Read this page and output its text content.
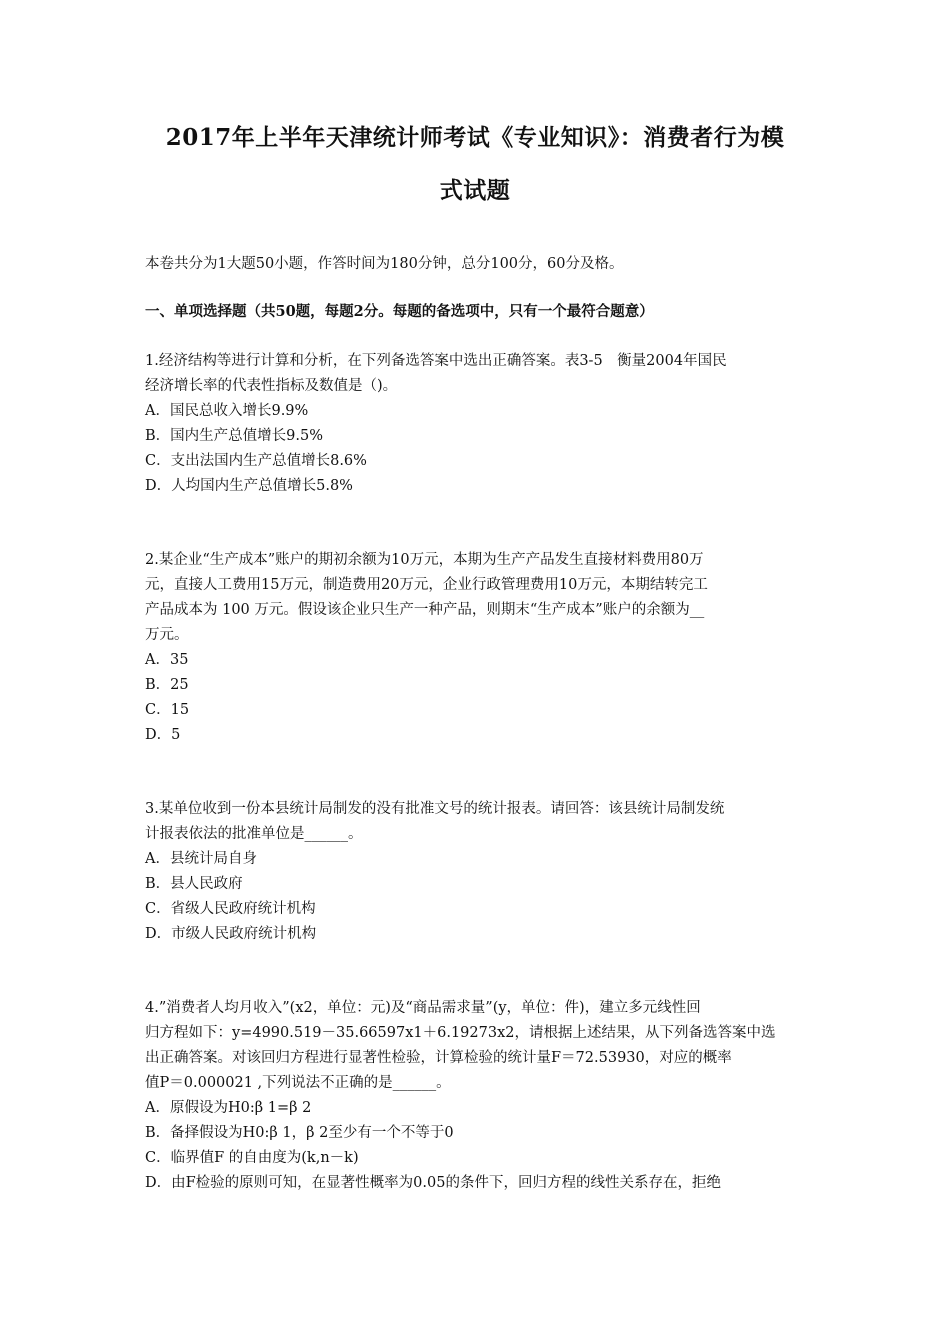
2017年上半年天津统计师考试《专业知识》：消费者行为模
式试题
本卷共分为1大题50小题，作答时间为180分钟，总分100分，60分及格。
一、单项选择题（共50题，每题2分。每题的备选项中，只有一个最符合题意）
1.经济结构等进行计算和分析，在下列备选答案中选出正确答案。表3-5　衡量2004年国民
经济增长率的代表性指标及数值是（)。
A．国民总收入增长9.9%
B．国内生产总值增长9.5%
C．支出法国内生产总值增长8.6%
D．人均国内生产总值增长5.8%
2.某企业“生产成本”账户的期初余额为10万元，本期为生产产品发生直接材料费用80万
元，直接人工费用15万元，制造费用20万元，企业行政管理费用10万元，本期结转完工
产品成本为 100 万元。假设该企业只生产一种产品，则期末“生产成本”账户的余额为__
万元。
A．35
B．25
C．15
D．5
3.某单位收到一份本县统计局制发的没有批准文号的统计报表。请回答：该县统计局制发统
计报表依法的批准单位是______。
A．县统计局自身
B．县人民政府
C．省级人民政府统计机构
D．市级人民政府统计机构
4.”消费者人均月收入”(x2，单位：元)及“商品需求量”(y，单位：件)，建立多元线性回
归方程如下：y=4990.519－35.66597x1＋6.19273x2，请根据上述结果，从下列备选答案中选
出正确答案。对该回归方程进行显著性检验，计算检验的统计量F＝72.53930，对应的概率
值P＝0.000021 ,下列说法不正确的是______。
A．原假设为H0:β 1=β 2
B．备择假设为H0:β 1，β 2至少有一个不等于0
C．临界值F 的自由度为(k,n－k)
D．由F检验的原则可知，在显著性概率为0.05的条件下，回归方程的线性关系存在，拒绝
